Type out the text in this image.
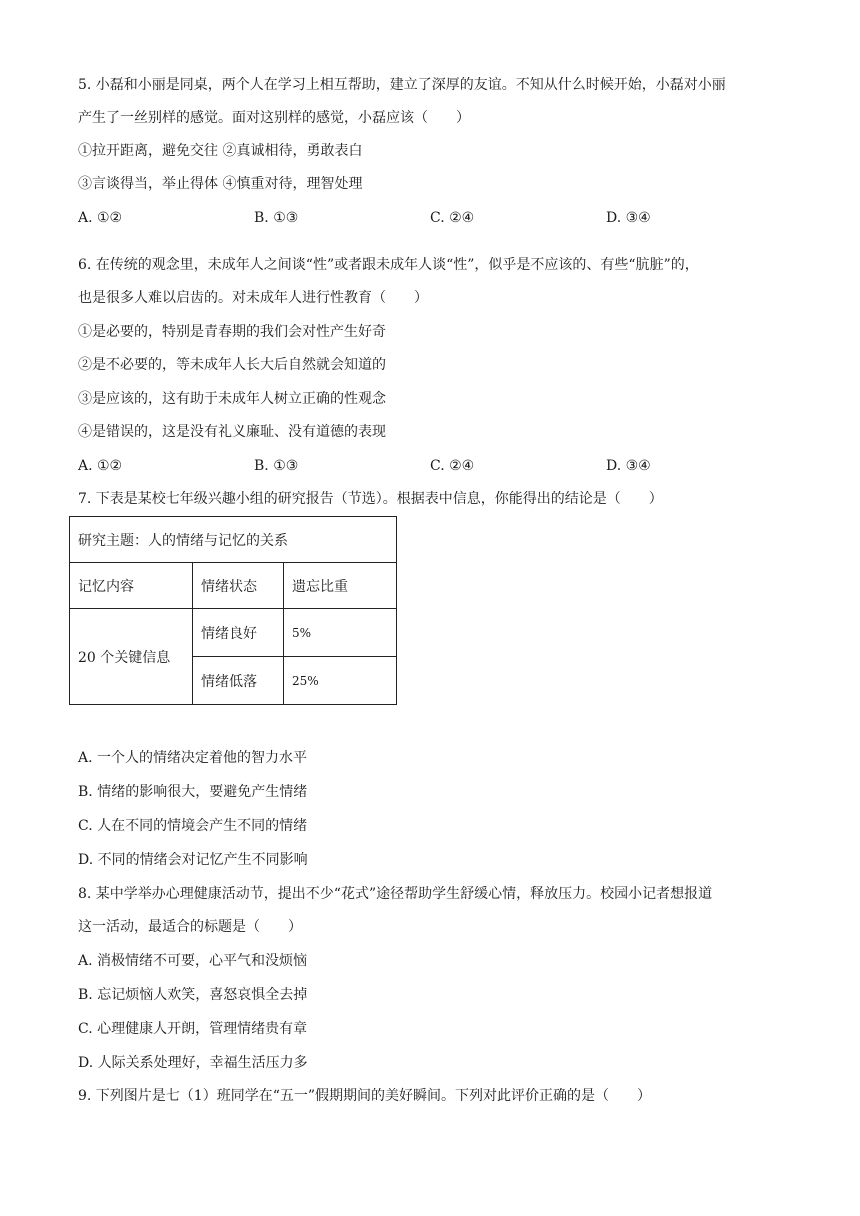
5. 小磊和小丽是同桌，两个人在学习上相互帮助，建立了深厚的友谊。不知从什么时候开始，小磊对小丽
产生了一丝别样的感觉。面对这别样的感觉，小磊应该（　　）
①拉开距离，避免交往 ②真诚相待，勇敢表白
③言谈得当，举止得体 ④慎重对待，理智处理
A. ①②	B. ①③	C. ②④	D. ③④
6. 在传统的观念里，未成年人之间谈“性”或者跟未成年人谈“性”，似乎是不应该的、有些“肮脏”的，
也是很多人难以启齿的。对未成年人进行性教育（　　）
①是必要的，特别是青春期的我们会对性产生好奇
②是不必要的，等未成年人长大后自然就会知道的
③是应该的，这有助于未成年人树立正确的性观念
④是错误的，这是没有礼义廉耻、没有道德的表现
A. ①②	B. ①③	C. ②④	D. ③④
7. 下表是某校七年级兴趣小组的研究报告（节选）。根据表中信息，你能得出的结论是（　　）
研究主题：人的情绪与记忆的关系		
记忆内容	情绪状态	遗忘比重
20 个关键信息	情绪良好	5%
	情绪低落	25%
A. 一个人的情绪决定着他的智力水平
B. 情绪的影响很大，要避免产生情绪
C. 人在不同的情境会产生不同的情绪
D. 不同的情绪会对记忆产生不同影响
8. 某中学举办心理健康活动节，提出不少“花式”途径帮助学生舒缓心情，释放压力。校园小记者想报道
这一活动，最适合的标题是（　　）
A. 消极情绪不可要，心平气和没烦恼
B. 忘记烦恼人欢笑，喜怒哀惧全去掉
C. 心理健康人开朗，管理情绪贵有章
D. 人际关系处理好，幸福生活压力多
9. 下列图片是七（1）班同学在“五一”假期期间的美好瞬间。下列对此评价正确的是（　　）
